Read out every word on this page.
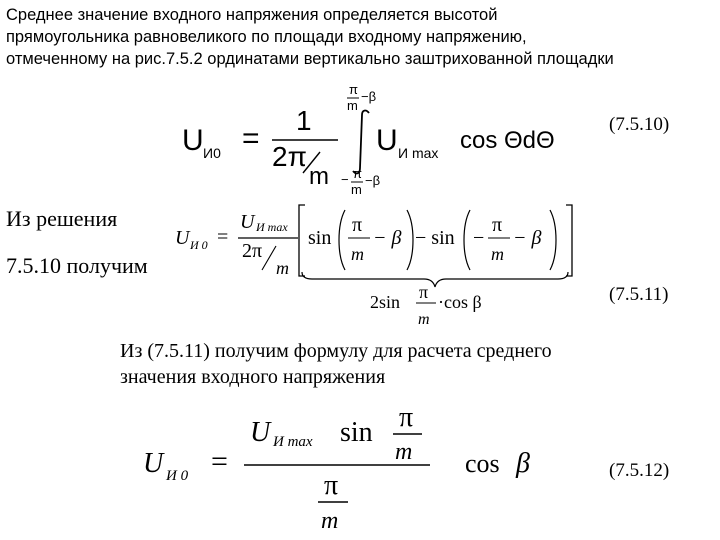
Среднее значение входного напряжения определяется высотой
прямоугольника равновеликого по площади входному напряжению,
отмеченному на рис.7.5.2 ординатами вертикально заштрихованной площадки
U И0 =
1
2π
m
π
m
−β
− π
m
−β
U И max cos ΘdΘ
(7.5.10)
Из решения
7.5.10 получим
U И 0 =
U И max
2π
m
sin
π
m
− β − sin −
π
m
− β
2sin π
m
·cos β	(7.5.11)
Из (7.5.11) получим формулу для расчета среднего
значения входного напряжения
U И 0 =
U И max sin π
m
π
m
cos β	(7.5.12)
